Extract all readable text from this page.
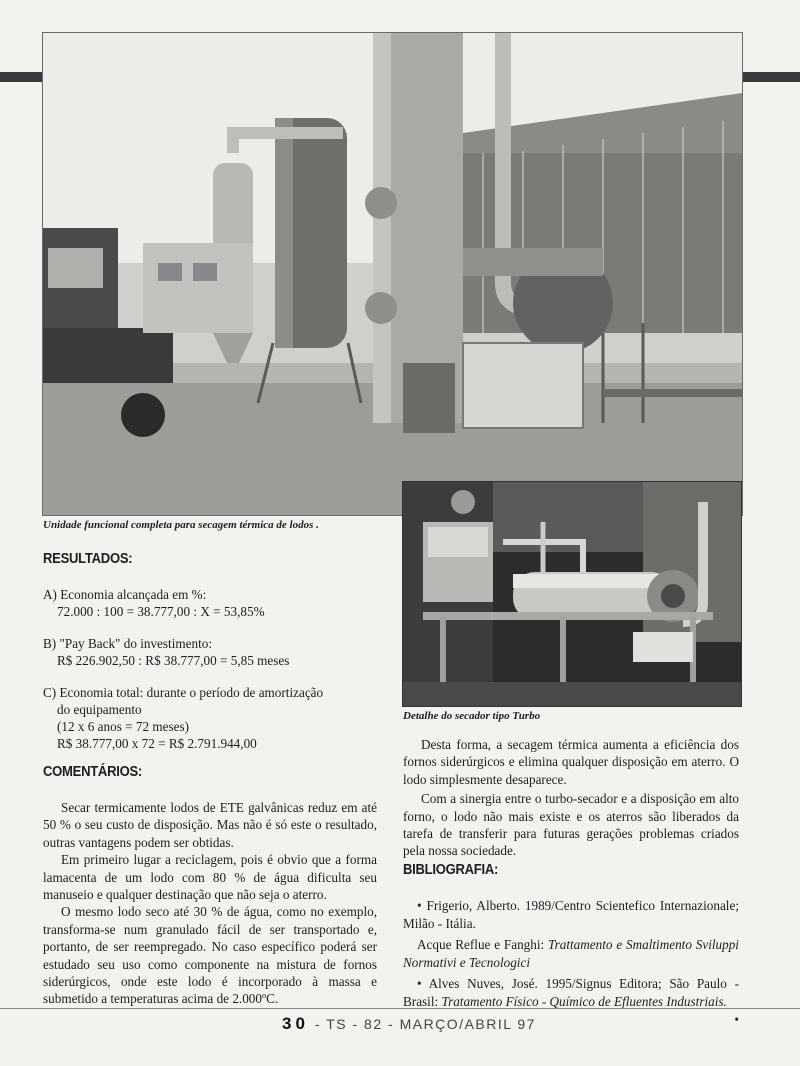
Unidade funcional completa para secagem térmica de lodos .
Detalhe do secador tipo Turbo
RESULTADOS:
A) Economia alcançada em %:
72.000 : 100 = 38.777,00 : X = 53,85%
B) "Pay Back" do investimento:
R$ 226.902,50 : R$ 38.777,00 = 5,85 meses
C) Economia total: durante o período de amortização
do equipamento
(12 x 6 anos = 72 meses)
R$ 38.777,00 x 72 = R$ 2.791.944,00
COMENTÁRIOS:

Secar termicamente lodos de ETE galvânicas reduz em até 50 % o seu custo de disposição. Mas não é só este o resultado, outras vantagens podem ser obtidas.

Em primeiro lugar a reciclagem, pois é obvio que a forma lamacenta de um lodo com 80 % de água dificulta seu manuseio e qualquer destinação que não seja o aterro.

O mesmo lodo seco até 30 % de água, como no exemplo, transforma-se num granulado fácil de ser transportado e, portanto, de ser reempregado. No caso específico poderá ser estudado seu uso como componente na mistura de fornos siderúrgicos, onde este lodo é incorporado à massa e submetido a temperaturas acima de 2.000ºC.

Desta forma, a secagem térmica aumenta a eficiência dos fornos siderúrgicos e elimina qualquer disposição em aterro. O lodo simplesmente desaparece.

Com a sinergia entre o turbo-secador e a disposição em alto forno, o lodo não mais existe e os aterros são liberados da tarefa de transferir para futuras gerações problemas criados pela nossa sociedade.

BIBLIOGRAFIA:

• Frigerio, Alberto. 1989/Centro Scientefico Internazionale; Milão - Itália.

Acque Reflue e Fanghi: Trattamento e Smaltimento Sviluppi Normativi e Tecnologici

• Alves Nuves, José. 1995/Signus Editora; São Paulo - Brasil: Tratamento Físico - Químico de Efluentes Industriais.
•

30 - TS - 82 - MARÇO/ABRIL 97
